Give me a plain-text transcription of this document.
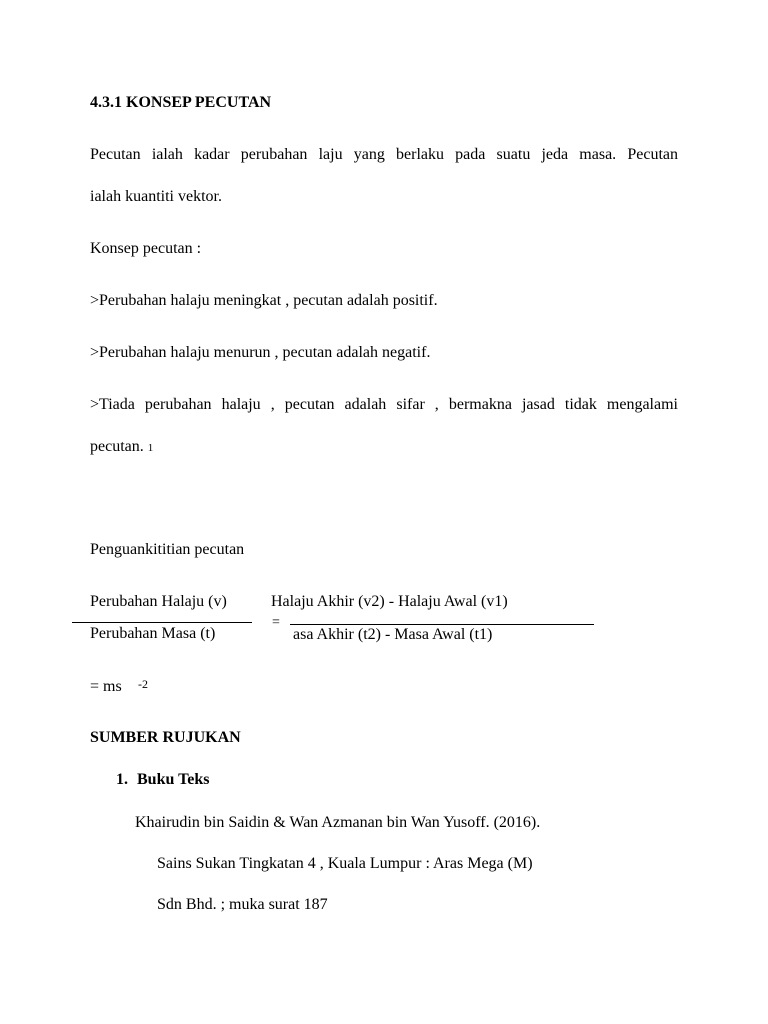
4.3.1 KONSEP PECUTAN
Pecutan ialah kadar perubahan laju yang berlaku pada suatu jeda masa. Pecutan
ialah kuantiti vektor.
Konsep pecutan :
>Perubahan halaju meningkat , pecutan adalah positif.
>Perubahan halaju menurun , pecutan adalah negatif.
>Tiada perubahan halaju , pecutan adalah sifar , bermakna jasad tidak mengalami
pecutan. 1
Penguankititian pecutan
Perubahan Halaju (v)
Perubahan Masa (t)
=
Halaju Akhir (v2) - Halaju Awal (v1)
asa Akhir (t2) - Masa Awal (t1)
= ms -2
SUMBER RUJUKAN
1. Buku Teks
Khairudin bin Saidin & Wan Azmanan bin Wan Yusoff. (2016).
Sains Sukan Tingkatan 4 , Kuala Lumpur : Aras Mega (M)
Sdn Bhd. ; muka surat 187
